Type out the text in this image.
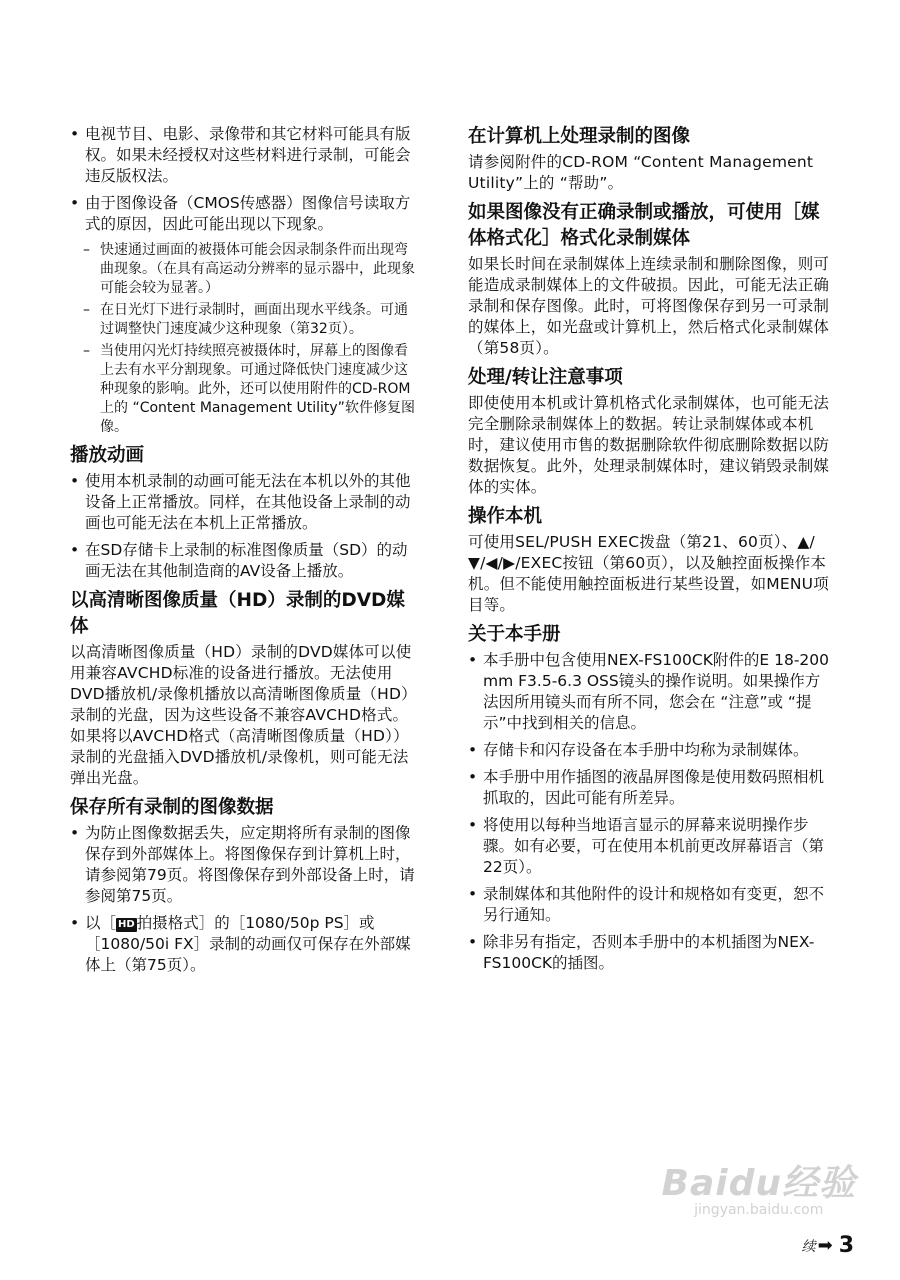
• 电视节目、电影、录像带和其它材料可能具有版权。如果未经授权对这些材料进行录制，可能会违反版权法。
• 由于图像设备（CMOS传感器）图像信号读取方式的原因，因此可能出现以下现象。
– 快速通过画面的被摄体可能会因录制条件而出现弯曲现象。（在具有高运动分辨率的显示器中，此现象可能会较为显著。）
– 在日光灯下进行录制时，画面出现水平线条。可通过调整快门速度减少这种现象（第32页）。
– 当使用闪光灯持续照亮被摄体时，屏幕上的图像看上去有水平分割现象。可通过降低快门速度减少这种现象的影响。此外，还可以使用附件的CD-ROM上的 “Content Management Utility”软件修复图像。
播放动画
• 使用本机录制的动画可能无法在本机以外的其他设备上正常播放。同样，在其他设备上录制的动画也可能无法在本机上正常播放。
• 在SD存储卡上录制的标准图像质量（SD）的动画无法在其他制造商的AV设备上播放。
以高清晰图像质量（HD）录制的DVD媒体

以高清晰图像质量（HD）录制的DVD媒体可以使用兼容AVCHD标准的设备进行播放。无法使用DVD播放机/录像机播放以高清晰图像质量（HD）录制的光盘，因为这些设备不兼容AVCHD格式。如果将以AVCHD格式（高清晰图像质量（HD））录制的光盘插入DVD播放机/录像机，则可能无法弹出光盘。

保存所有录制的图像数据
• 为防止图像数据丢失，应定期将所有录制的图像保存到外部媒体上。将图像保存到计算机上时，请参阅第79页。将图像保存到外部设备上时，请参阅第75页。
• 以［ HD 拍摄格式］的［1080/50p PS］或［1080/50i FX］录制的动画仅可保存在外部媒体上（第75页）。
在计算机上处理录制的图像

请参阅附件的CD-ROM “Content Management Utility”上的 “帮助”。

如果图像没有正确录制或播放，可使用［媒体格式化］格式化录制媒体

如果长时间在录制媒体上连续录制和删除图像，则可能造成录制媒体上的文件破损。因此，可能无法正确录制和保存图像。此时，可将图像保存到另一可录制的媒体上，如光盘或计算机上，然后格式化录制媒体（第58页）。

处理/转让注意事项

即使使用本机或计算机格式化录制媒体，也可能无法完全删除录制媒体上的数据。转让录制媒体或本机时，建议使用市售的数据删除软件彻底删除数据以防数据恢复。此外，处理录制媒体时，建议销毁录制媒体的实体。

操作本机

可使用SEL/PUSH EXEC拨盘（第21、60页）、▲/▼/◀/▶/EXEC按钮（第60页），以及触控面板操作本机。但不能使用触控面板进行某些设置，如MENU项目等。

关于本手册
• 本手册中包含使用NEX-FS100CK附件的E 18-200 mm F3.5-6.3 OSS镜头的操作说明。如果操作方法因所用镜头而有所不同，您会在 “注意”或 “提示”中找到相关的信息。
• 存储卡和闪存设备在本手册中均称为录制媒体。
• 本手册中用作插图的液晶屏图像是使用数码照相机抓取的，因此可能有所差异。
• 将使用以每种当地语言显示的屏幕来说明操作步骤。如有必要，可在使用本机前更改屏幕语言（第22页）。
• 录制媒体和其他附件的设计和规格如有变更，恕不另行通知。
• 除非另有指定，否则本手册中的本机插图为NEX-FS100CK的插图。
Baidu经验
jingyan.baidu.com
续 ➡ 3
